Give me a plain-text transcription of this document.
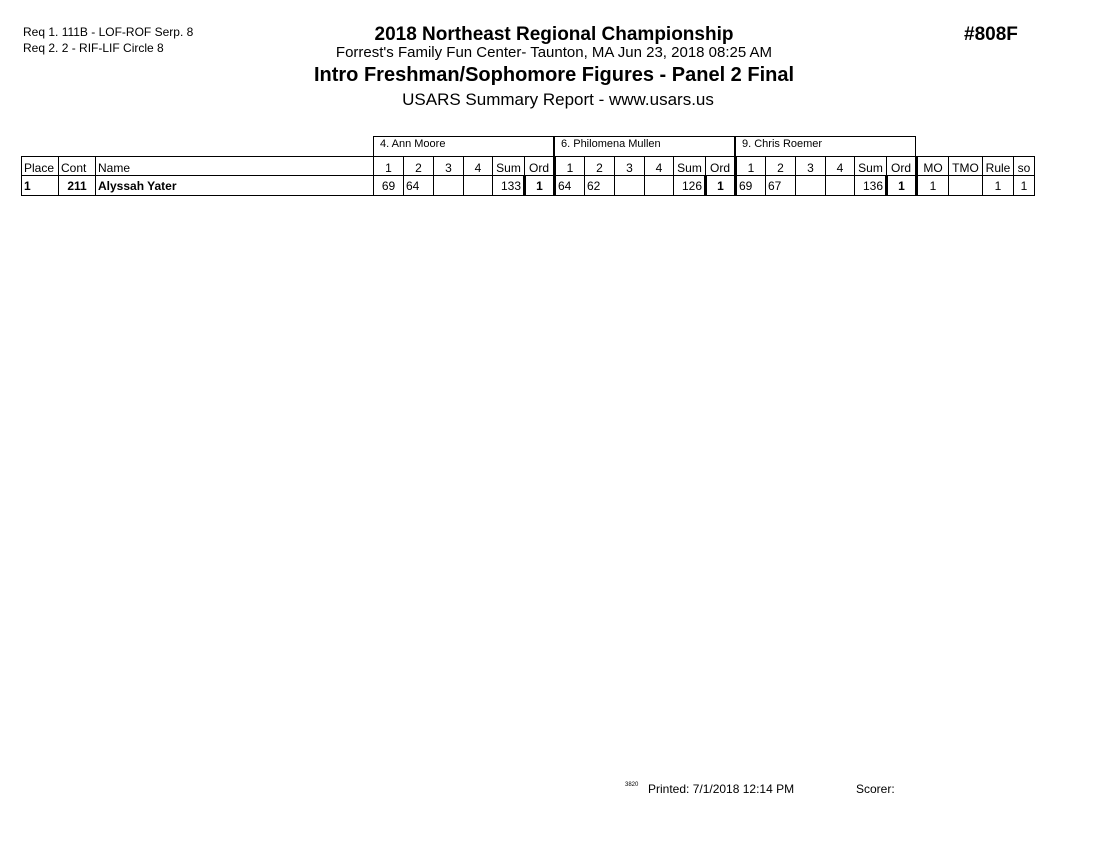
Req 1. 111B - LOF-ROF Serp. 8
Req 2. 2 - RIF-LIF Circle 8
2018 Northeast Regional Championship
Forrest's Family Fun Center- Taunton, MA Jun 23, 2018 08:25 AM
Intro Freshman/Sophomore Figures - Panel 2 Final
USARS Summary Report - www.usars.us
#808F
4. Ann Moore	6. Philomena Mullen	9. Chris Roemer
Place	Cont	Name	1	2	3	4	Sum	Ord	1	2	3	4	Sum	Ord	1	2	3	4	Sum	Ord	MO	TMO	Rule	so
1	211	Alyssah Yater	69	64			133	1	64	62			126	1	69	67			136	1	1		1	1
3820 Printed: 7/1/2018 12:14 PM	Scorer:
